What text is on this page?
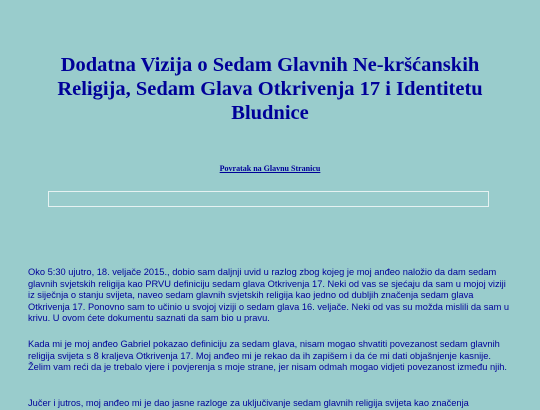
Dodatna Vizija o Sedam Glavnih Ne-kršćanskih Religija, Sedam Glava Otkrivenja 17 i Identitetu Bludnice
Povratak na Glavnu Stranicu

Oko 5:30 ujutro, 18. veljače 2015., dobio sam daljnji uvid u razlog zbog kojeg je moj anđeo naložio da dam sedam glavnih svjetskih religija kao PRVU definiciju sedam glava Otkrivenja 17. Neki od vas se sjećaju da sam u mojoj viziji iz siječnja o stanju svijeta, naveo sedam glavnih svjetskih religija kao jedno od dubljih značenja sedam glava Otkrivenja 17. Ponovno sam to učinio u svojoj viziji o sedam glava 16. veljače. Neki od vas su možda mislili da sam u krivu. U ovom ćete dokumentu saznati da sam bio u pravu.

Kada mi je moj anđeo Gabriel pokazao definiciju za sedam glava, nisam mogao shvatiti povezanost sedam glavnih religija svijeta s 8 kraljeva Otkrivenja 17. Moj anđeo mi je rekao da ih zapišem i da će mi dati objašnjenje kasnije. Želim vam reći da je trebalo vjere i povjerenja s moje strane, jer nisam odmah mogao vidjeti povezanost između njih.

Jučer i jutros, moj anđeo mi je dao jasne razloge za uključivanje sedam glavnih religija svijeta kao značenja
